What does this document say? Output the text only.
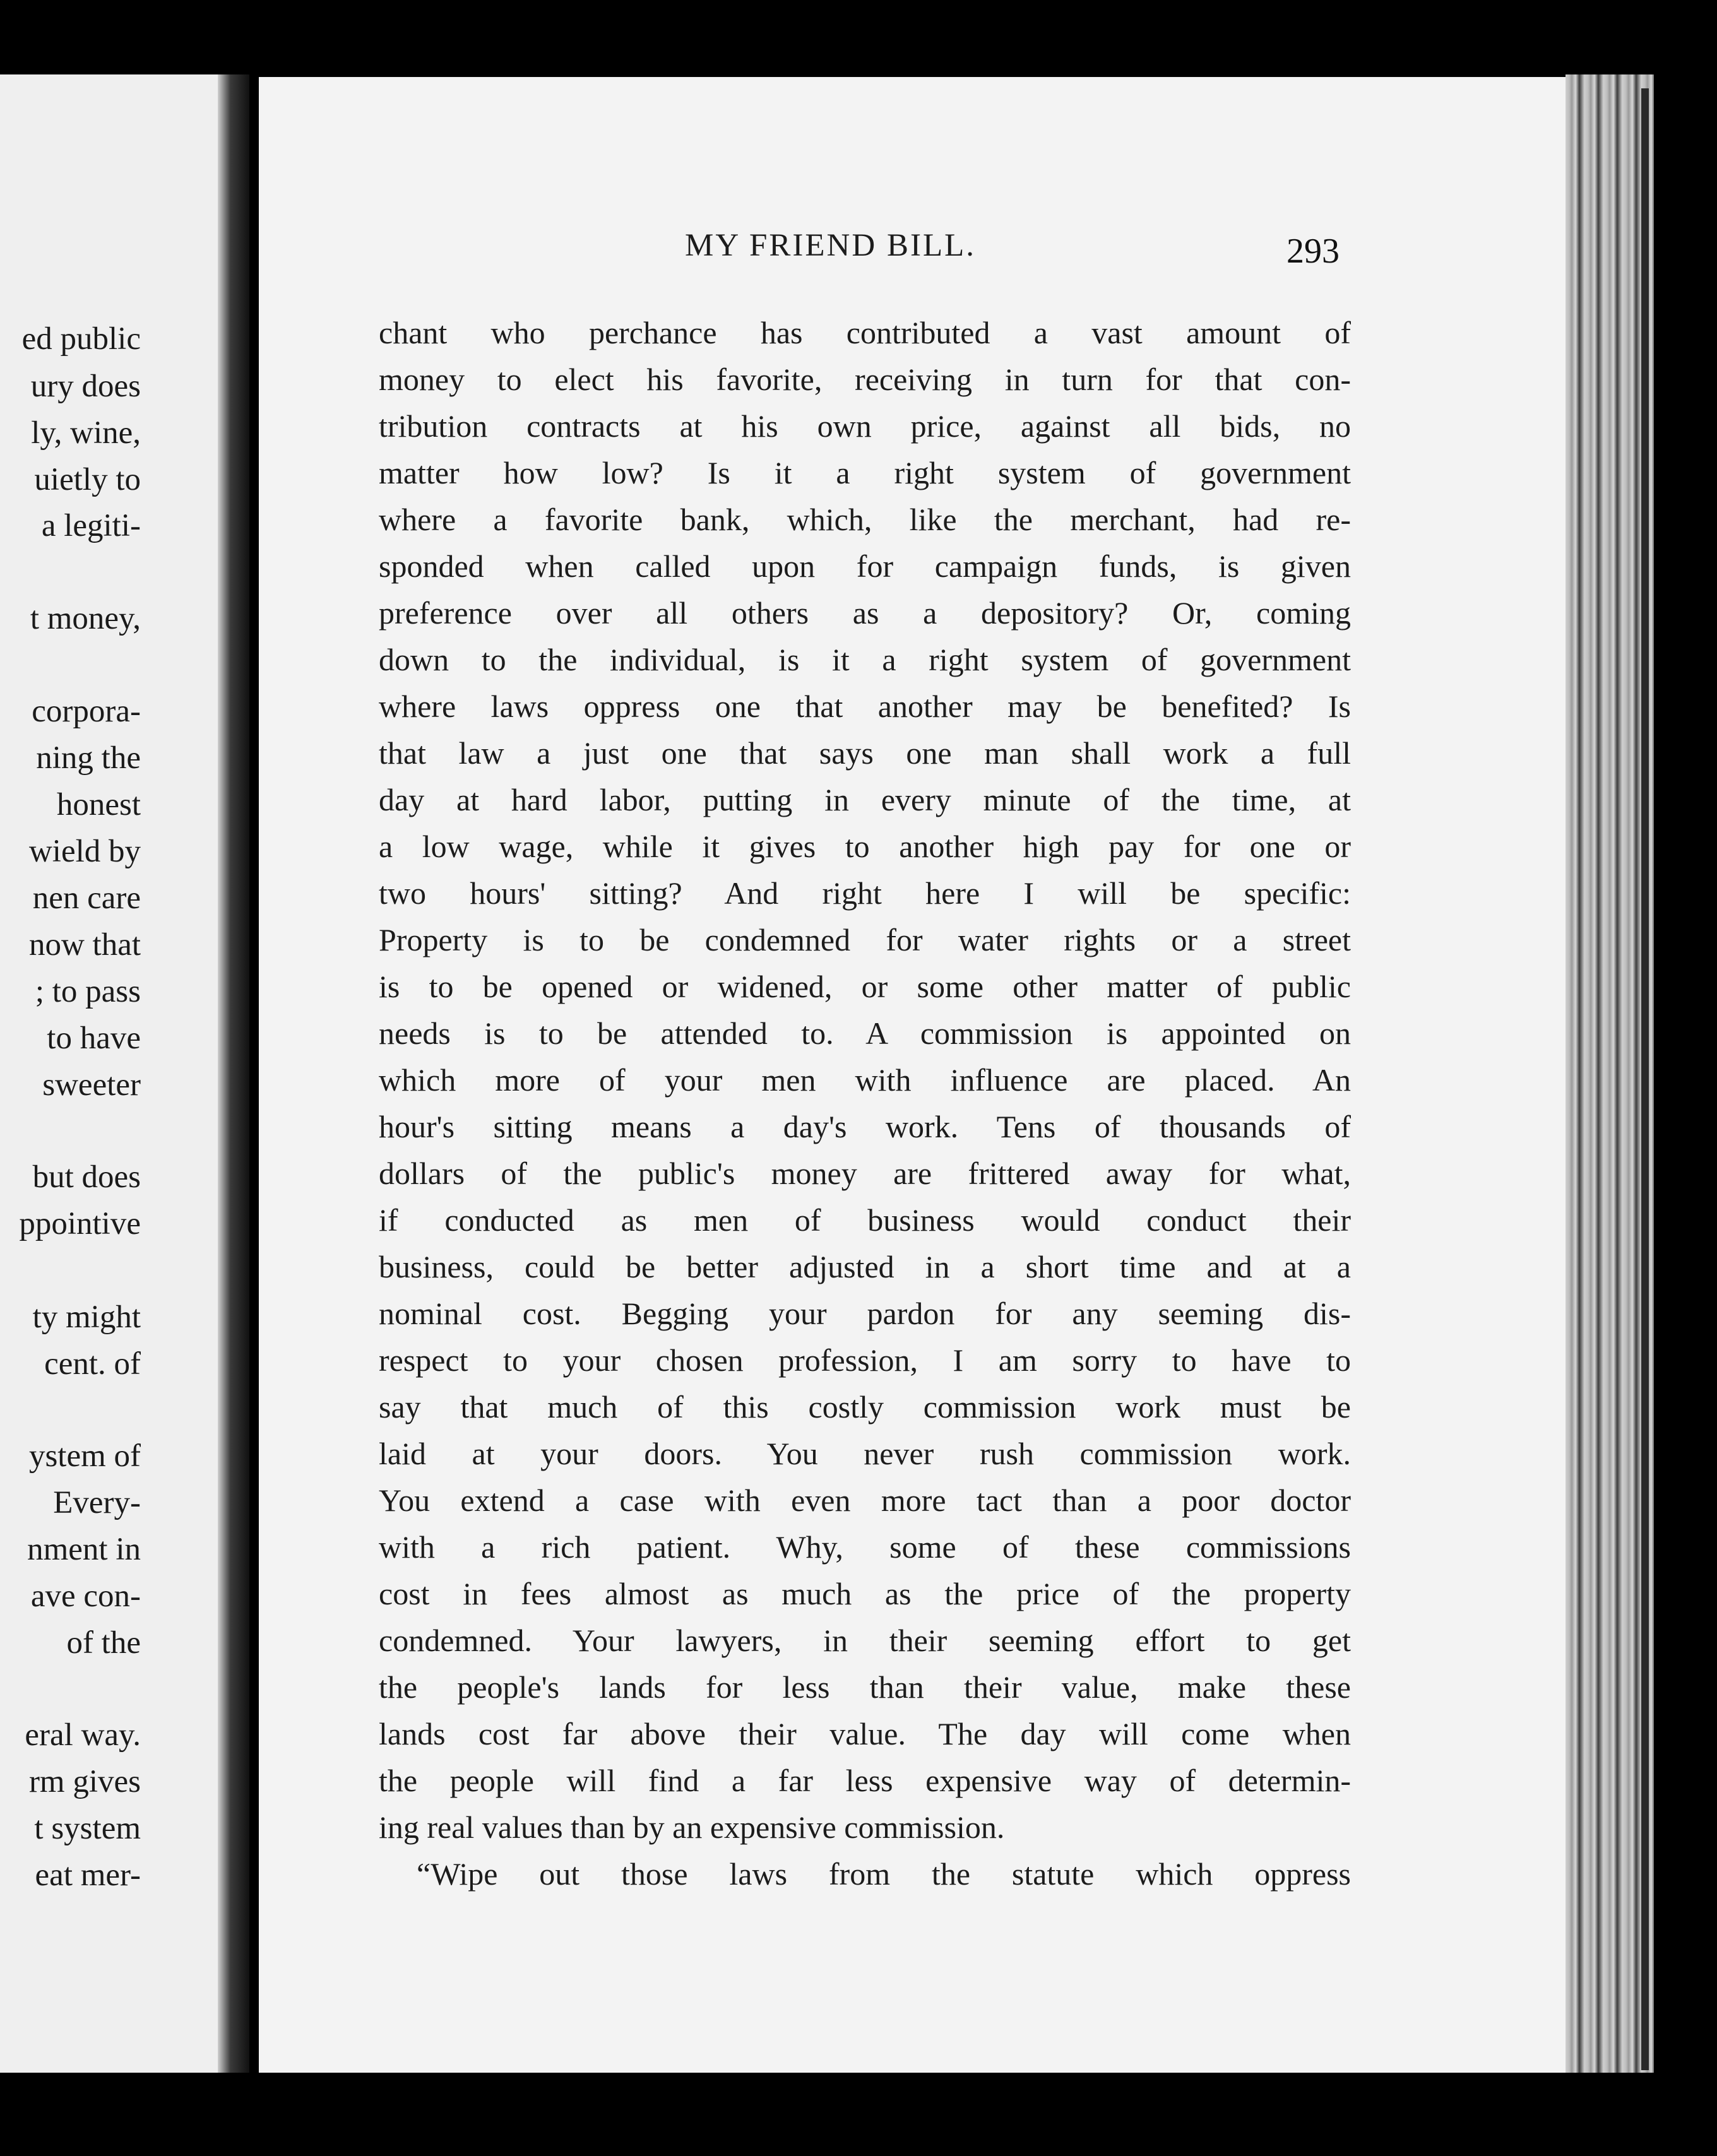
ed public
ury does
ly, wine,
uietly to
a legiti-
t money,
corpora-
ning the
honest
wield by
nen care
now that
; to pass
to have
sweeter
but does
ppointive
ty might
cent. of
ystem of
Every-
nment in
ave con-
of the
eral way.
rm gives
t system
eat mer-
MY FRIEND BILL.	293
chant who perchance has contributed a vast amount of
money to elect his favorite, receiving in turn for that con-
tribution contracts at his own price, against all bids, no
matter how low? Is it a right system of government
where a favorite bank, which, like the merchant, had re-
sponded when called upon for campaign funds, is given
preference over all others as a depository? Or, coming
down to the individual, is it a right system of government
where laws oppress one that another may be benefited? Is
that law a just one that says one man shall work a full
day at hard labor, putting in every minute of the time, at
a low wage, while it gives to another high pay for one or
two hours' sitting? And right here I will be specific:
Property is to be condemned for water rights or a street
is to be opened or widened, or some other matter of public
needs is to be attended to. A commission is appointed on
which more of your men with influence are placed. An
hour's sitting means a day's work. Tens of thousands of
dollars of the public's money are frittered away for what,
if conducted as men of business would conduct their
business, could be better adjusted in a short time and at a
nominal cost. Begging your pardon for any seeming dis-
respect to your chosen profession, I am sorry to have to
say that much of this costly commission work must be
laid at your doors. You never rush commission work.
You extend a case with even more tact than a poor doctor
with a rich patient. Why, some of these commissions
cost in fees almost as much as the price of the property
condemned. Your lawyers, in their seeming effort to get
the people's lands for less than their value, make these
lands cost far above their value. The day will come when
the people will find a far less expensive way of determin-
ing real values than by an expensive commission.
“Wipe out those laws from the statute which oppress
